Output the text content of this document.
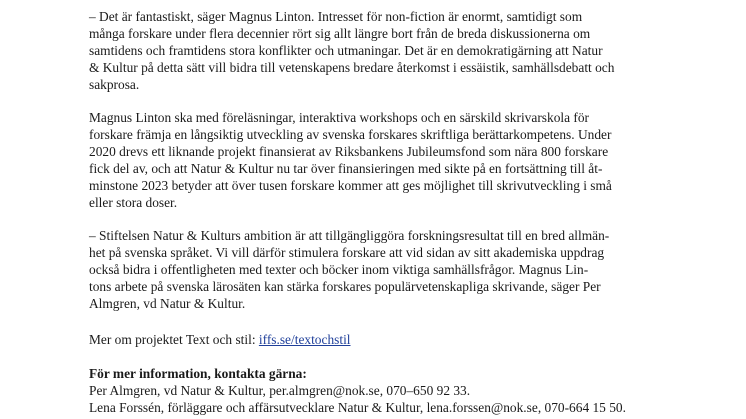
– Det är fantastiskt, säger Magnus Linton. Intresset för non-fiction är enormt, samtidigt som
många forskare under flera decennier rört sig allt längre bort från de breda diskussionerna om
samtidens och framtidens stora konflikter och utmaningar. Det är en demokratigärning att Natur
& Kultur på detta sätt vill bidra till vetenskapens bredare återkomst i essäistik, samhällsdebatt och
sakprosa.
Magnus Linton ska med föreläsningar, interaktiva workshops och en särskild skrivarskola för
forskare främja en långsiktig utveckling av svenska forskares skriftliga berättarkompetens. Under
2020 drevs ett liknande projekt finansierat av Riksbankens Jubileumsfond som nära 800 forskare
fick del av, och att Natur & Kultur nu tar över finansieringen med sikte på en fortsättning till åt-
minstone 2023 betyder att över tusen forskare kommer att ges möjlighet till skrivutveckling i små
eller stora doser.
– Stiftelsen Natur & Kulturs ambition är att tillgängliggöra forskningsresultat till en bred allmän-
het på svenska språket. Vi vill därför stimulera forskare att vid sidan av sitt akademiska uppdrag
också bidra i offentligheten med texter och böcker inom viktiga samhällsfrågor. Magnus Lin-
tons arbete på svenska lärosäten kan stärka forskares populärvetenskapliga skrivande, säger Per
Almgren, vd Natur & Kultur.
Mer om projektet Text och stil: iffs.se/textochstil
För mer information, kontakta gärna:
Per Almgren, vd Natur & Kultur, per.almgren@nok.se, 070–650 92 33.
Lena Forssén, förläggare och affärsutvecklare Natur & Kultur, lena.forssen@nok.se, 070-664 15 50.
